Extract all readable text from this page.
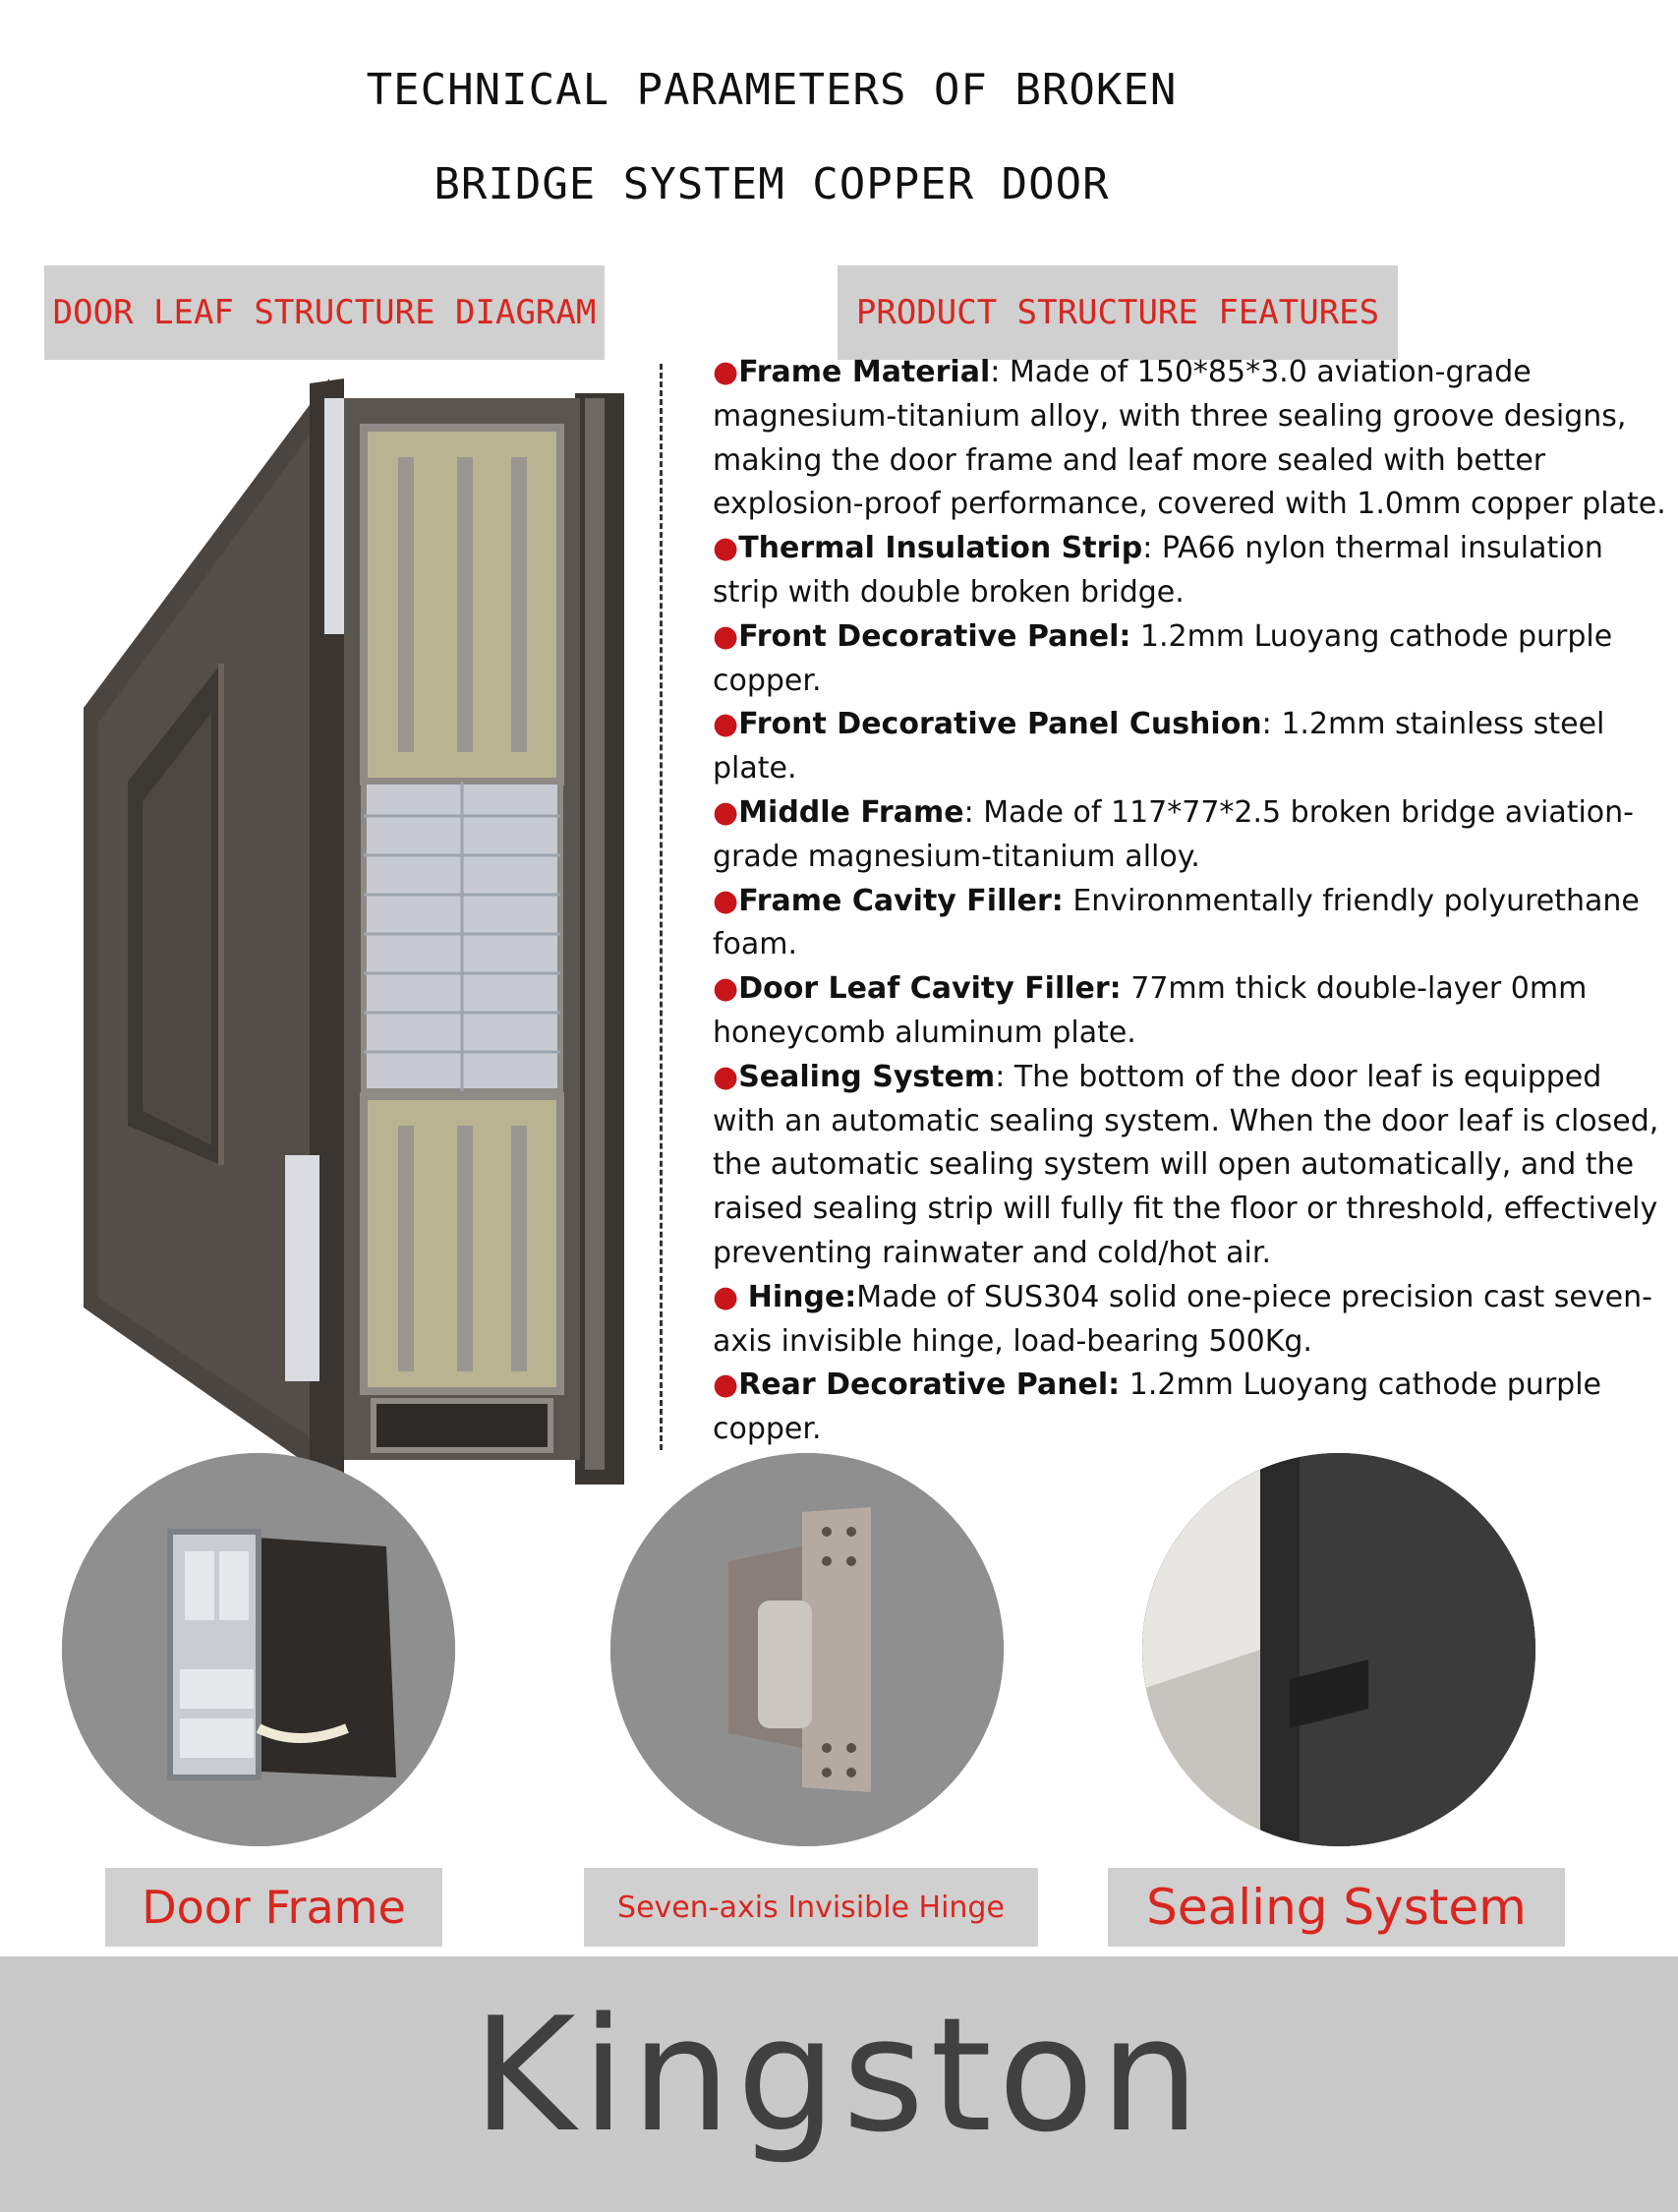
TECHNICAL PARAMETERS OF BROKEN
BRIDGE SYSTEM COPPER DOOR
DOOR LEAF STRUCTURE DIAGRAM	PRODUCT STRUCTURE FEATURES

●Frame Material: Made of 150*85*3.0 aviation-grade magnesium-titanium alloy, with three sealing groove designs, making the door frame and leaf more sealed with better explosion-proof performance, covered with 1.0mm copper plate.

●Thermal Insulation Strip: PA66 nylon thermal insulation strip with double broken bridge.

●Front Decorative Panel: 1.2mm Luoyang cathode purple copper.

●Front Decorative Panel Cushion: 1.2mm stainless steel plate.

●Middle Frame: Made of 117*77*2.5 broken bridge aviation-grade magnesium-titanium alloy.

●Frame Cavity Filler: Environmentally friendly polyurethane foam.

●Door Leaf Cavity Filler: 77mm thick double-layer 0mm honeycomb aluminum plate.

●Sealing System: The bottom of the door leaf is equipped with an automatic sealing system. When the door leaf is closed, the automatic sealing system will open automatically, and the raised sealing strip will fully fit the floor or threshold, effectively preventing rainwater and cold/hot air.

● Hinge:Made of SUS304 solid one-piece precision cast seven-axis invisible hinge, load-bearing 500Kg.

●Rear Decorative Panel: 1.2mm Luoyang cathode purple copper.

Door Frame	Seven-axis Invisible Hinge	Sealing System
Kingston
